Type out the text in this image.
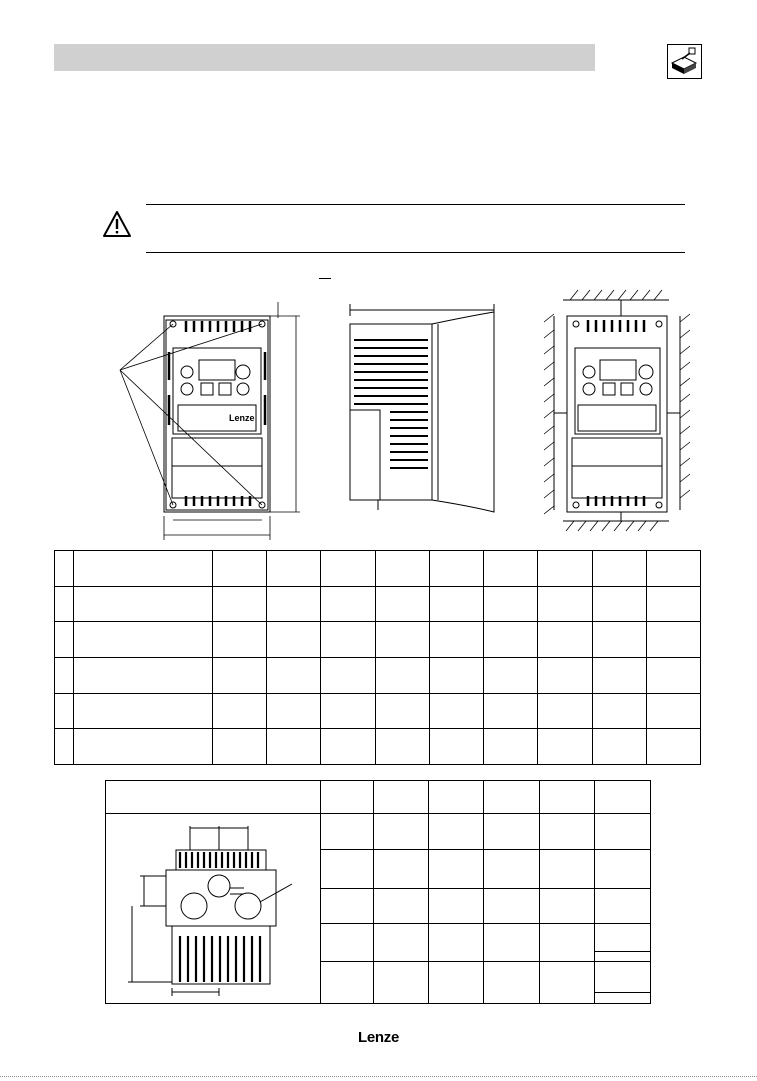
Lenze

Lenze
